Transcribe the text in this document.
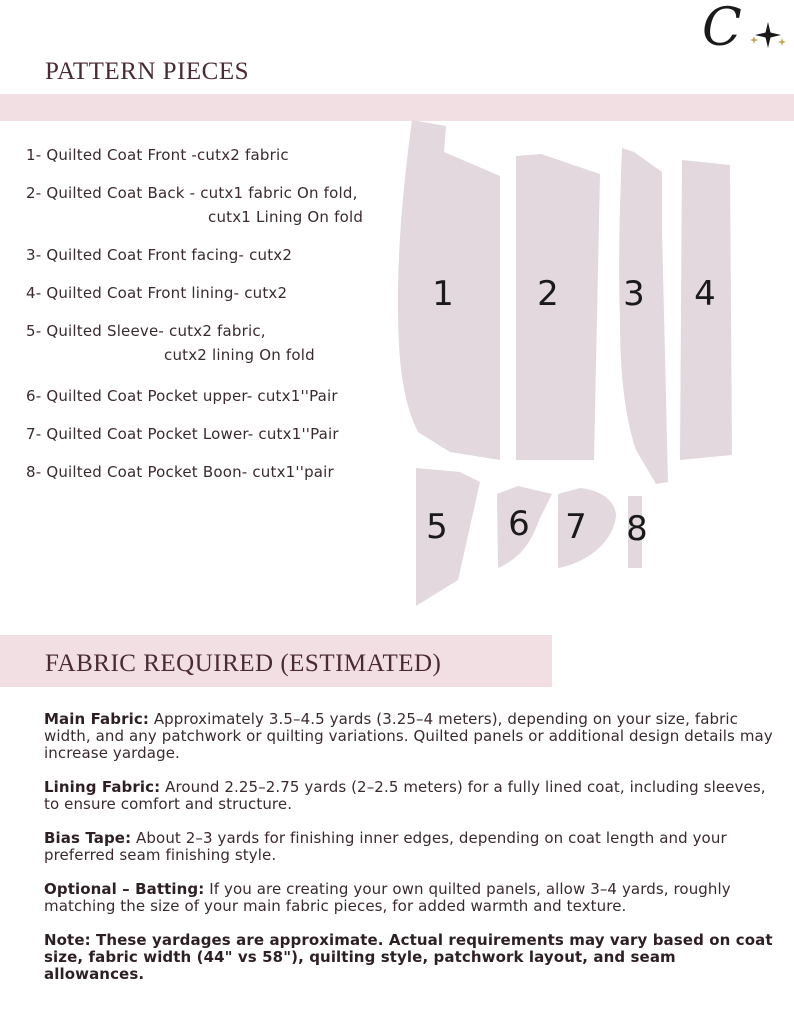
C
PATTERN PIECES
1- Quilted Coat Front -cutx2 fabric
2- Quilted Coat Back - cutx1 fabric On fold,
cutx1 Lining On fold
3- Quilted Coat Front facing- cutx2
4- Quilted Coat Front lining- cutx2
5- Quilted Sleeve- cutx2 fabric,
cutx2 lining On fold
6- Quilted Coat Pocket upper- cutx1''Pair
7- Quilted Coat Pocket Lower- cutx1''Pair
8- Quilted Coat Pocket Boon- cutx1''pair
1 2 3 4
5 6 7 8
FABRIC REQUIRED (ESTIMATED)

Main Fabric: Approximately 3.5–4.5 yards (3.25–4 meters), depending on your size, fabric width, and any patchwork or quilting variations. Quilted panels or additional design details may increase yardage.

Lining Fabric: Around 2.25–2.75 yards (2–2.5 meters) for a fully lined coat, including sleeves, to ensure comfort and structure.

Bias Tape: About 2–3 yards for finishing inner edges, depending on coat length and your preferred seam finishing style.

Optional – Batting: If you are creating your own quilted panels, allow 3–4 yards, roughly matching the size of your main fabric pieces, for added warmth and texture.

Note: These yardages are approximate. Actual requirements may vary based on coat size, fabric width (44" vs 58"), quilting style, patchwork layout, and seam allowances.
